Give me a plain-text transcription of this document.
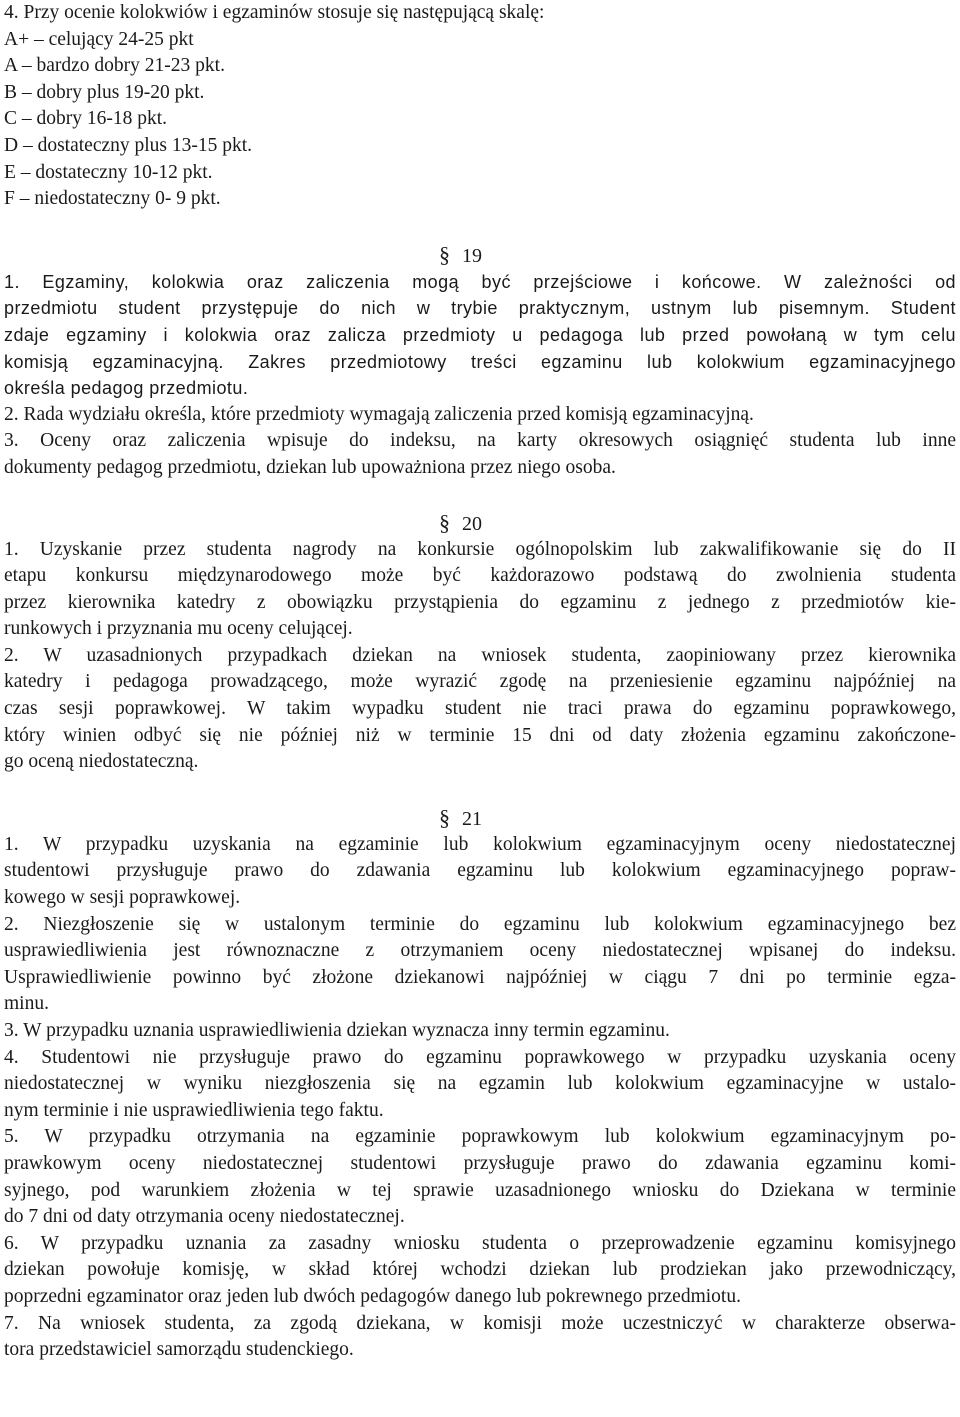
4. Przy ocenie kolokwiów i egzaminów stosuje się następującą skalę:
A+ – celujący 24-25 pkt
A – bardzo dobry 21-23 pkt.
B – dobry plus 19-20 pkt.
C – dobry 16-18 pkt.
D – dostateczny plus 13-15 pkt.
E – dostateczny 10-12 pkt.
F – niedostateczny 0- 9 pkt.
§ 19
1. Egzaminy, kolokwia oraz zaliczenia mogą być przejściowe i końcowe. W zależności od
przedmiotu student przystępuje do nich w trybie praktycznym, ustnym lub pisemnym. Student
zdaje egzaminy i kolokwia oraz zalicza przedmioty u pedagoga lub przed powołaną w tym celu
komisją egzaminacyjną. Zakres przedmiotowy treści egzaminu lub kolokwium egzaminacyjnego
określa pedagog przedmiotu.
2. Rada wydziału określa, które przedmioty wymagają zaliczenia przed komisją egzaminacyjną.
3. Oceny oraz zaliczenia wpisuje do indeksu, na karty okresowych osiągnięć studenta lub inne
dokumenty pedagog przedmiotu, dziekan lub upoważniona przez niego osoba.
§ 20
1. Uzyskanie przez studenta nagrody na konkursie ogólnopolskim lub zakwalifikowanie się do II
etapu konkursu międzynarodowego może być każdorazowo podstawą do zwolnienia studenta
przez kierownika katedry z obowiązku przystąpienia do egzaminu z jednego z przedmiotów kie-
runkowych i przyznania mu oceny celującej.
2. W uzasadnionych przypadkach dziekan na wniosek studenta, zaopiniowany przez kierownika
katedry i pedagoga prowadzącego, może wyrazić zgodę na przeniesienie egzaminu najpóźniej na
czas sesji poprawkowej. W takim wypadku student nie traci prawa do egzaminu poprawkowego,
który winien odbyć się nie później niż w terminie 15 dni od daty złożenia egzaminu zakończone-
go oceną niedostateczną.
§ 21
1. W przypadku uzyskania na egzaminie lub kolokwium egzaminacyjnym oceny niedostatecznej
studentowi przysługuje prawo do zdawania egzaminu lub kolokwium egzaminacyjnego popraw-
kowego w sesji poprawkowej.
2. Niezgłoszenie się w ustalonym terminie do egzaminu lub kolokwium egzaminacyjnego bez
usprawiedliwienia jest równoznaczne z otrzymaniem oceny niedostatecznej wpisanej do indeksu.
Usprawiedliwienie powinno być złożone dziekanowi najpóźniej w ciągu 7 dni po terminie egza-
minu.
3. W przypadku uznania usprawiedliwienia dziekan wyznacza inny termin egzaminu.
4. Studentowi nie przysługuje prawo do egzaminu poprawkowego w przypadku uzyskania oceny
niedostatecznej w wyniku niezgłoszenia się na egzamin lub kolokwium egzaminacyjne w ustalo-
nym terminie i nie usprawiedliwienia tego faktu.
5. W przypadku otrzymania na egzaminie poprawkowym lub kolokwium egzaminacyjnym po-
prawkowym oceny niedostatecznej studentowi przysługuje prawo do zdawania egzaminu komi-
syjnego, pod warunkiem złożenia w tej sprawie uzasadnionego wniosku do Dziekana w terminie
do 7 dni od daty otrzymania oceny niedostatecznej.
6. W przypadku uznania za zasadny wniosku studenta o przeprowadzenie egzaminu komisyjnego
dziekan powołuje komisję, w skład której wchodzi dziekan lub prodziekan jako przewodniczący,
poprzedni egzaminator oraz jeden lub dwóch pedagogów danego lub pokrewnego przedmiotu.
7. Na wniosek studenta, za zgodą dziekana, w komisji może uczestniczyć w charakterze obserwa-
tora przedstawiciel samorządu studenckiego.
